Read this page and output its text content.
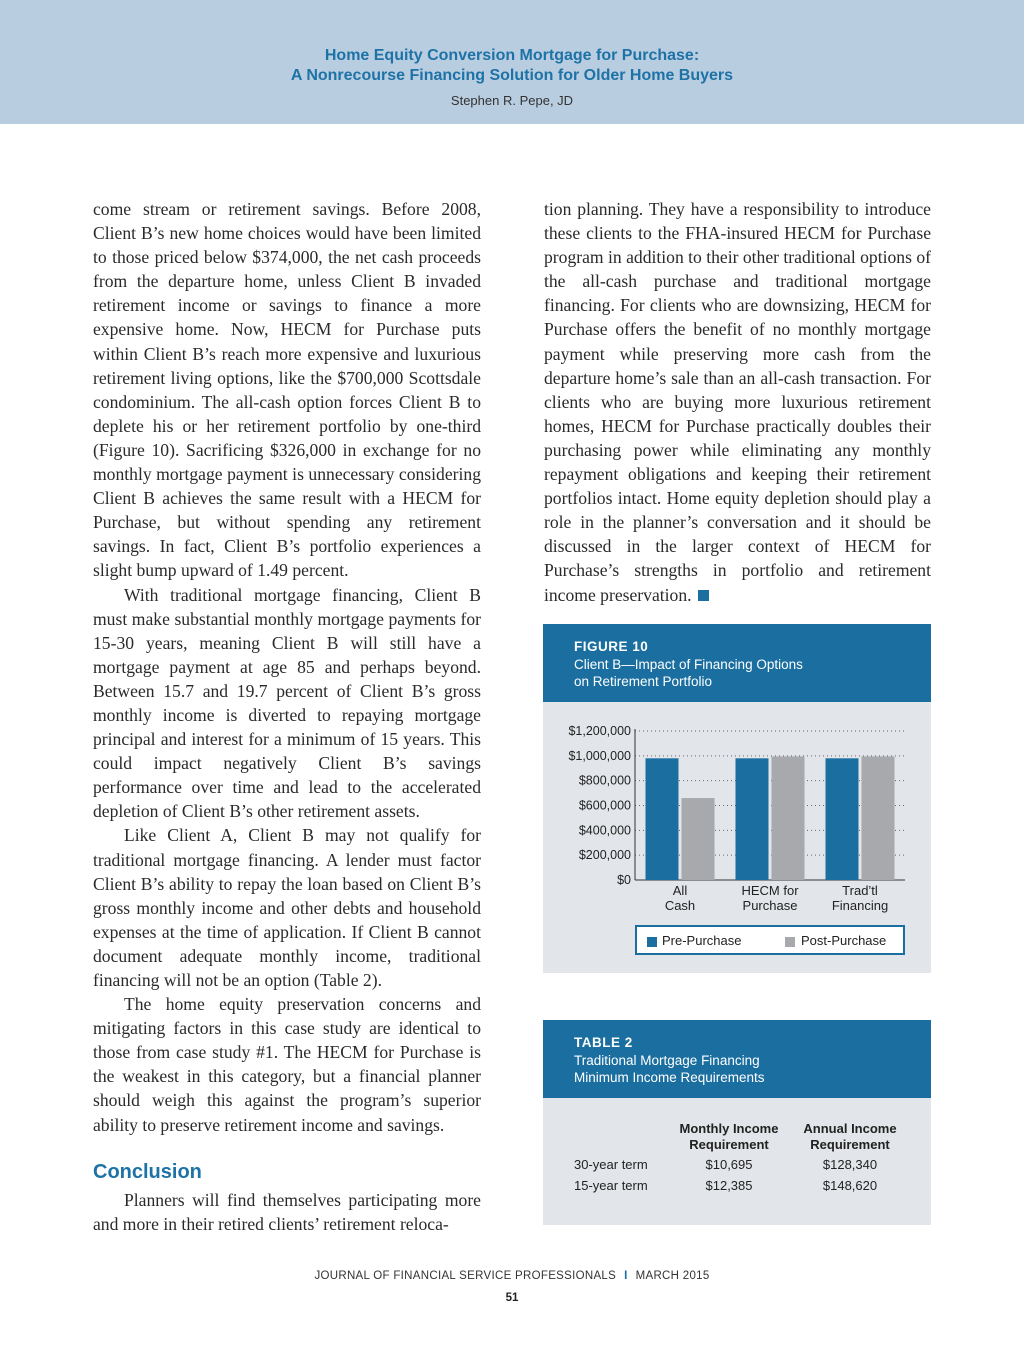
Home Equity Conversion Mortgage for Purchase:
A Nonrecourse Financing Solution for Older Home Buyers
Stephen R. Pepe, JD

come stream or retirement savings. Before 2008, Client B’s new home choices would have been limited to those priced below $374,000, the net cash proceeds from the departure home, unless Client B invaded retirement income or savings to finance a more expensive home. Now, HECM for Purchase puts within Client B’s reach more expensive and luxurious retirement living options, like the $700,000 Scottsdale condominium. The all-cash option forces Client B to deplete his or her retirement portfolio by one-third (Figure 10). Sacrificing $326,000 in exchange for no monthly mortgage payment is unnecessary considering Client B achieves the same result with a HECM for Purchase, but without spending any retirement savings. In fact, Client B’s portfolio experiences a slight bump upward of 1.49 percent.

With traditional mortgage financing, Client B must make substantial monthly mortgage payments for 15-30 years, meaning Client B will still have a mortgage payment at age 85 and perhaps beyond. Between 15.7 and 19.7 percent of Client B’s gross monthly income is diverted to repaying mortgage principal and interest for a minimum of 15 years. This could impact negatively Client B’s savings performance over time and lead to the accelerated depletion of Client B’s other retirement assets.

Like Client A, Client B may not qualify for traditional mortgage financing. A lender must factor Client B’s ability to repay the loan based on Client B’s gross monthly income and other debts and household expenses at the time of application. If Client B cannot document adequate monthly income, traditional financing will not be an option (Table 2).

The home equity preservation concerns and mitigating factors in this case study are identical to those from case study #1. The HECM for Purchase is the weakest in this category, but a financial planner should weigh this against the program’s superior ability to preserve retirement income and savings.

Conclusion

Planners will find themselves participating more and more in their retired clients’ retirement reloca-

tion planning. They have a responsibility to introduce these clients to the FHA-insured HECM for Purchase program in addition to their other traditional options of the all-cash purchase and traditional mortgage financing. For clients who are downsizing, HECM for Purchase offers the benefit of no monthly mortgage payment while preserving more cash from the departure home’s sale than an all-cash transaction. For clients who are buying more luxurious retirement homes, HECM for Purchase practically doubles their purchasing power while eliminating any monthly repayment obligations and keeping their retirement portfolios intact. Home equity depletion should play a role in the planner’s conversation and it should be discussed in the larger context of HECM for Purchase’s strengths in portfolio and retirement income preservation.

FIGURE 10
Client B—Impact of Financing Options
on Retirement Portfolio
$0
$200,000
$400,000
$600,000
$800,000
$1,000,000
$1,200,000
All
Cash
HECM for
Purchase
Trad’tl
Financing
Pre-Purchase	Post-Purchase
TABLE 2
Traditional Mortgage Financing
Minimum Income Requirements
Monthly Income
Requirement
Annual Income
Requirement
30-year term	$10,695	$128,340
15-year term	$12,385	$148,620
JOURNAL OF FINANCIAL SERVICE PROFESSIONALS I MARCH 2015
51
